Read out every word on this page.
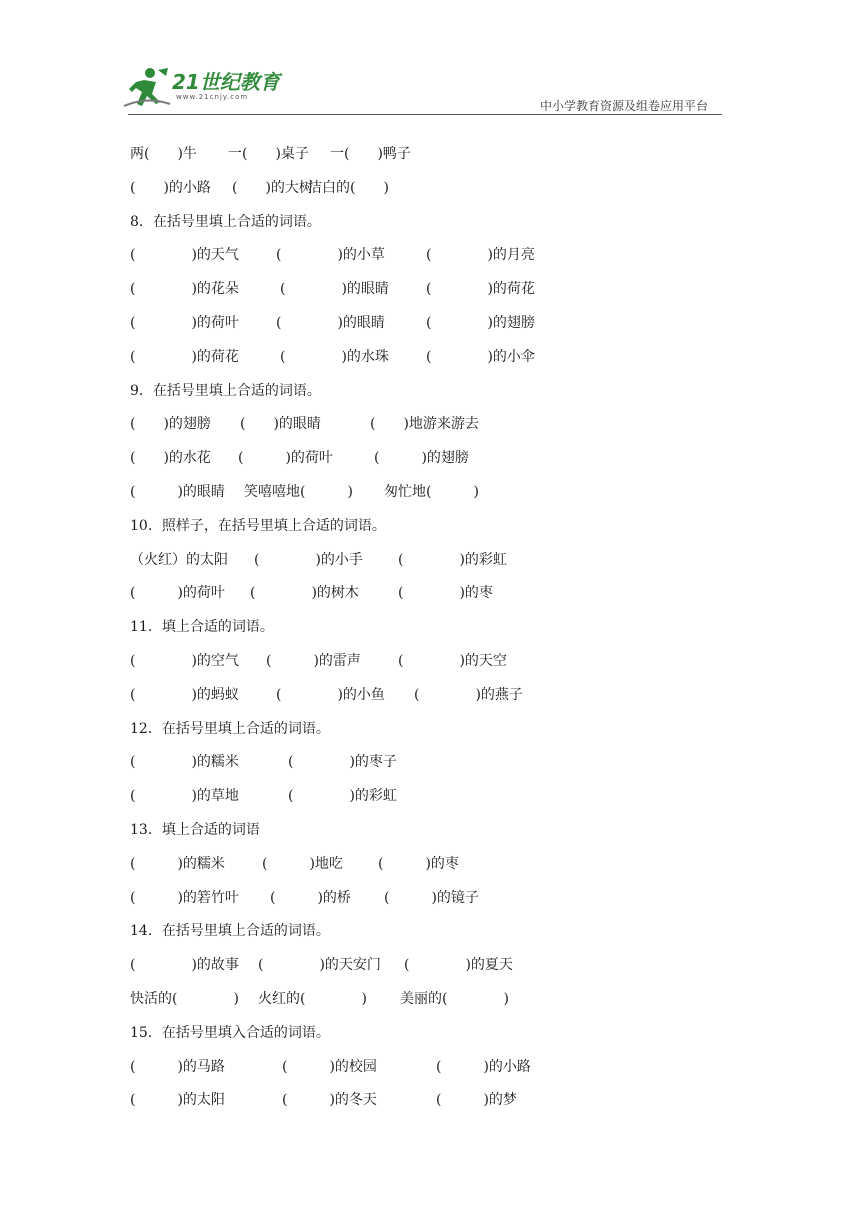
21世纪教育
www.21cnjy.com
中小学教育资源及组卷应用平台
两(　　)牛 一(　　)桌子 一(　　)鸭子
(　　)的小路 (　　)的大树
洁白的(　　)
8．在括号里填上合适的词语。
(　　　　)的天气	(　　　　)的小草	(　　　　)的月亮
(　　　　)的花朵	(　　　　)的眼睛	(　　　　)的荷花
(　　　　)的荷叶	(　　　　)的眼睛	(　　　　)的翅膀
(　　　　)的荷花	(　　　　)的水珠	(　　　　)的小伞
9．在括号里填上合适的词语。
(　　)的翅膀 (　　)的眼睛	(　　)地游来游去
(　　)的水花 (　　　)的荷叶	(　　　)的翅膀
(　　　)的眼睛 笑嘻嘻地(　　　) 匆忙地(　　　)
10．照样子，在括号里填上合适的词语。
（火红）的太阳 (　　　　)的小手	(　　　　)的彩虹
(　　　)的荷叶 (　　　　)的树木	(　　　　)的枣
11．填上合适的词语。
(　　　　)的空气 (　　　)的雷声	(　　　　)的天空
(　　　　)的蚂蚁	(　　　　)的小鱼 (　　　　)的燕子
12．在括号里填上合适的词语。
(　　　　)的糯米	(　　　　)的枣子
(　　　　)的草地	(　　　　)的彩虹
13．填上合适的词语
(　　　)的糯米	(　　　)地吃	(　　　)的枣
(　　　)的箬竹叶 (　　　)的桥 (　　　)的镜子
14．在括号里填上合适的词语。
(　　　　)的故事 (　　　　)的天安门 (　　　　)的夏天
快活的(　　　　) 火红的(　　　　) 美丽的(　　　　)
15．在括号里填入合适的词语。
(　　　)的马路	(　　　)的校园	(　　　)的小路
(　　　)的太阳	(　　　)的冬天	(　　　)的梦
